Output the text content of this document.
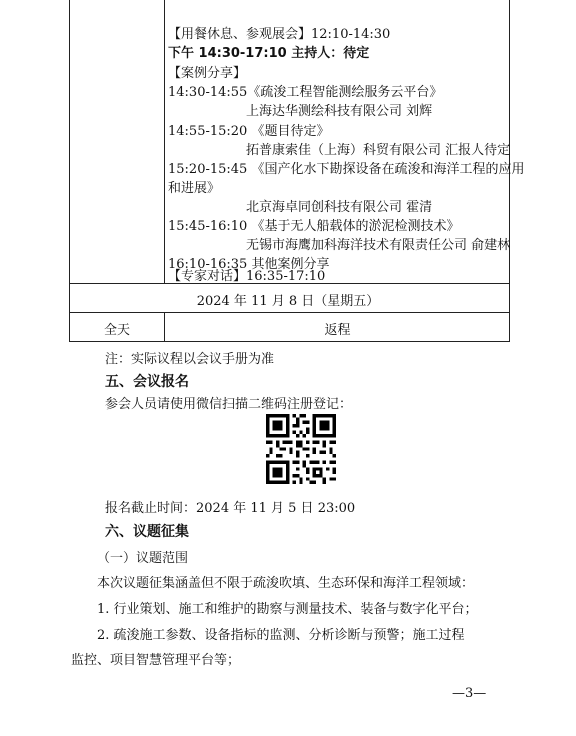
【用餐休息、参观展会】12:10-14:30
下午 14:30-17:10 主持人：待定
【案例分享】
14:30-14:55《疏浚工程智能测绘服务云平台》
上海达华测绘科技有限公司 刘辉
14:55-15:20 《题目待定》
拓普康索佳（上海）科贸有限公司 汇报人待定
15:20-15:45 《国产化水下勘探设备在疏浚和海洋工程的应用
和进展》
北京海卓同创科技有限公司 霍清
15:45-16:10 《基于无人船载体的淤泥检测技术》
无锡市海鹰加科海洋技术有限责任公司 俞建林
16:10-16:35 其他案例分享
【专家对话】16:35-17:10
2024 年 11 月 8 日（星期五）
全天	返程
注：实际议程以会议手册为准
五、会议报名
参会人员请使用微信扫描二维码注册登记：
报名截止时间：2024 年 11 月 5 日 23:00
六、议题征集
（一）议题范围
本次议题征集涵盖但不限于疏浚吹填、生态环保和海洋工程领域：
1. 行业策划、施工和维护的勘察与测量技术、装备与数字化平台；
2. 疏浚施工参数、设备指标的监测、分析诊断与预警；施工过程
监控、项目智慧管理平台等；
—3—
